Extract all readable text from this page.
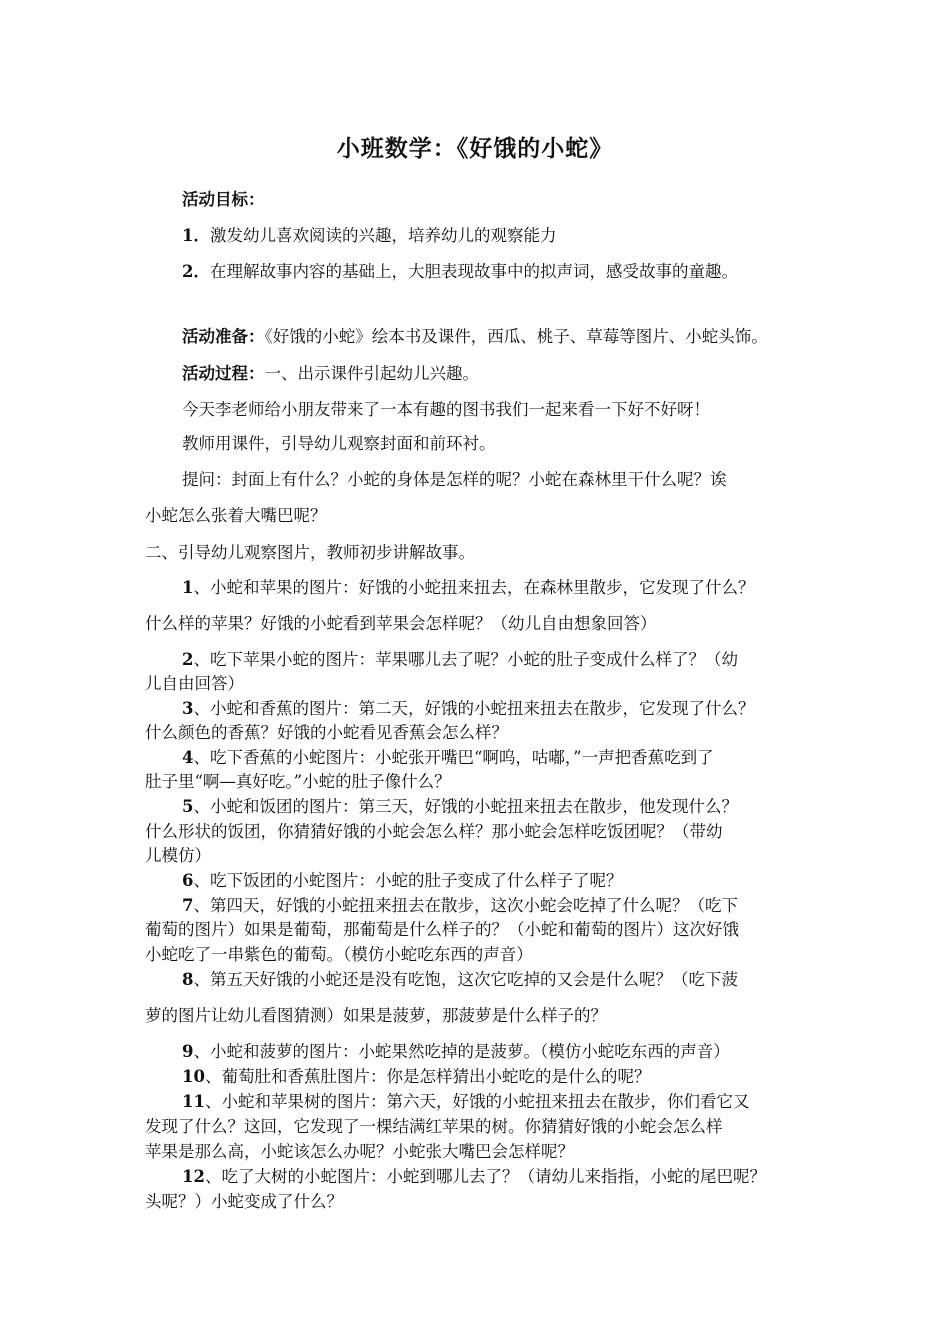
小班数学：《好饿的小蛇》
活动目标：
1．激发幼儿喜欢阅读的兴趣，培养幼儿的观察能力
2．在理解故事内容的基础上，大胆表现故事中的拟声词，感受故事的童趣。
活动准备：《好饿的小蛇》绘本书及课件，西瓜、桃子、草莓等图片、小蛇头饰。
活动过程：一、出示课件引起幼儿兴趣。
今天李老师给小朋友带来了一本有趣的图书我们一起来看一下好不好呀！
教师用课件，引导幼儿观察封面和前环衬。
提问：封面上有什么？小蛇的身体是怎样的呢？小蛇在森林里干什么呢？诶
小蛇怎么张着大嘴巴呢？
二、引导幼儿观察图片，教师初步讲解故事。
1、小蛇和苹果的图片：好饿的小蛇扭来扭去，在森林里散步，它发现了什么？
什么样的苹果？好饿的小蛇看到苹果会怎样呢？（幼儿自由想象回答）
2、吃下苹果小蛇的图片：苹果哪儿去了呢？小蛇的肚子变成什么样了？（幼
儿自由回答）
3、小蛇和香蕉的图片：第二天，好饿的小蛇扭来扭去在散步，它发现了什么？
什么颜色的香蕉？好饿的小蛇看见香蕉会怎么样？
4、吃下香蕉的小蛇图片：小蛇张开嘴巴“啊呜，咕嘟，”一声把香蕉吃到了
肚子里“啊—真好吃。”小蛇的肚子像什么？
5、小蛇和饭团的图片：第三天，好饿的小蛇扭来扭去在散步，他发现什么？
什么形状的饭团，你猜猜好饿的小蛇会怎么样？那小蛇会怎样吃饭团呢？（带幼
儿模仿）
6、吃下饭团的小蛇图片：小蛇的肚子变成了什么样子了呢？
7、第四天，好饿的小蛇扭来扭去在散步，这次小蛇会吃掉了什么呢？（吃下
葡萄的图片）如果是葡萄，那葡萄是什么样子的？（小蛇和葡萄的图片）这次好饿
小蛇吃了一串紫色的葡萄。（模仿小蛇吃东西的声音）
8、第五天好饿的小蛇还是没有吃饱，这次它吃掉的又会是什么呢？（吃下菠
萝的图片让幼儿看图猜测）如果是菠萝，那菠萝是什么样子的？
9、小蛇和菠萝的图片：小蛇果然吃掉的是菠萝。（模仿小蛇吃东西的声音）
10、葡萄肚和香蕉肚图片：你是怎样猜出小蛇吃的是什么的呢？
11、小蛇和苹果树的图片：第六天，好饿的小蛇扭来扭去在散步，你们看它又
发现了什么？这回，它发现了一棵结满红苹果的树。你猜猜好饿的小蛇会怎么样
苹果是那么高，小蛇该怎么办呢？小蛇张大嘴巴会怎样呢？
12、吃了大树的小蛇图片：小蛇到哪儿去了？（请幼儿来指指，小蛇的尾巴呢？
头呢？）小蛇变成了什么？
